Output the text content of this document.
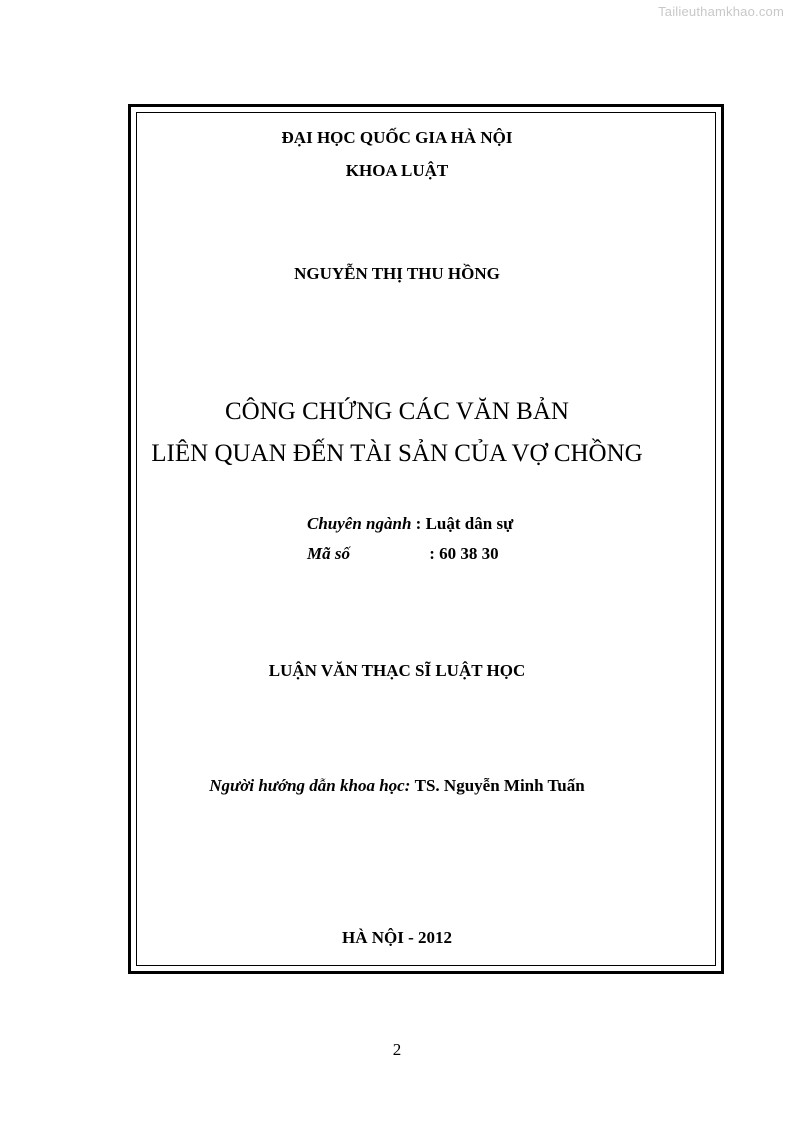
Tailieuthamkhao.com
ĐẠI HỌC QUỐC GIA HÀ NỘI
KHOA LUẬT
NGUYỄN THỊ THU HỒNG
CÔNG CHỨNG CÁC VĂN BẢN
LIÊN QUAN ĐẾN TÀI SẢN CỦA VỢ CHỒNG
Chuyên ngành : Luật dân sự
Mã số	: 60 38 30
LUẬN VĂN THẠC SĨ LUẬT HỌC
Người hướng dẫn khoa học: TS. Nguyễn Minh Tuấn
HÀ NỘI - 2012
2
